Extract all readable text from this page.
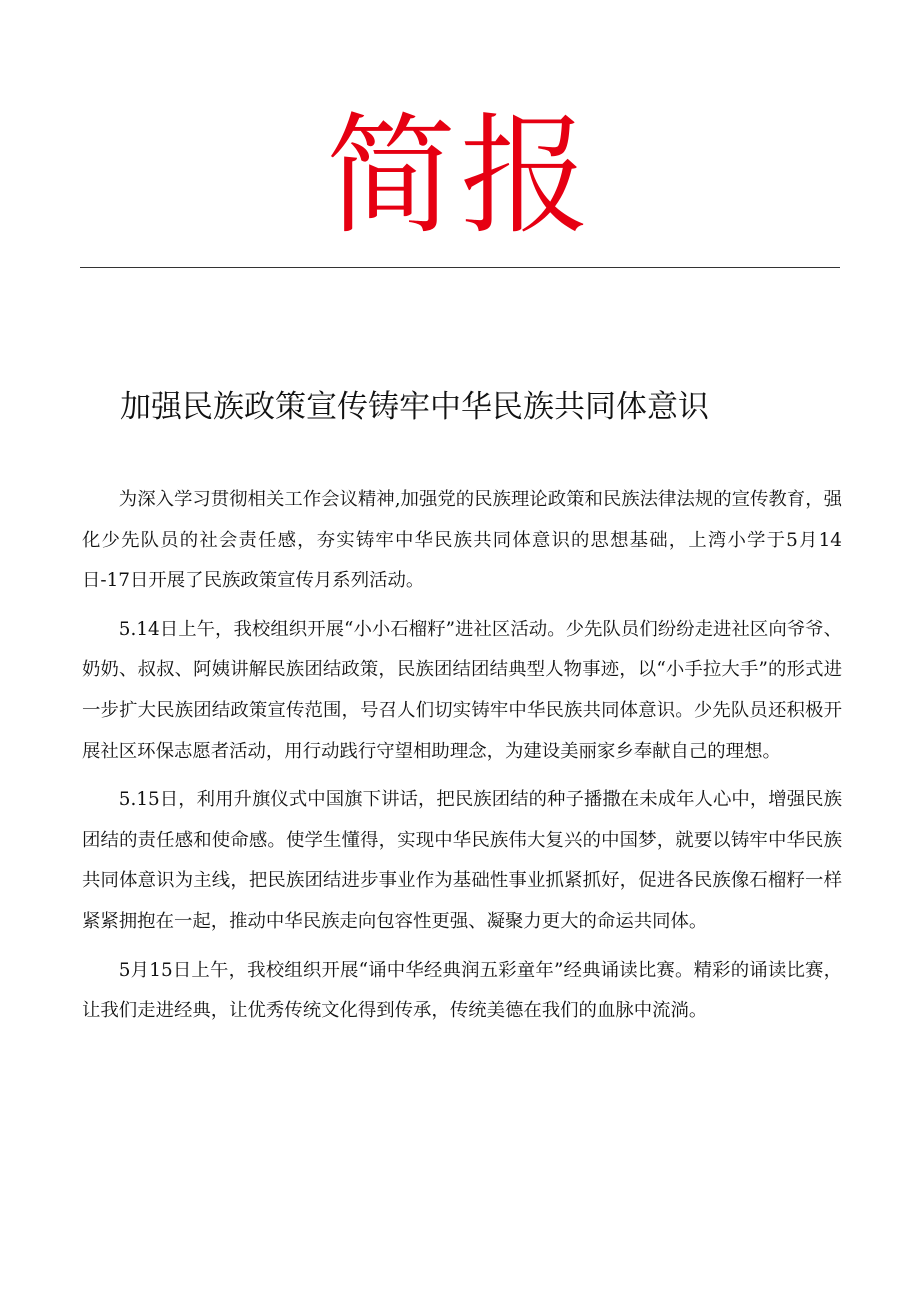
简报
加强民族政策宣传铸牢中华民族共同体意识

为深入学习贯彻相关工作会议精神,加强党的民族理论政策和民族法律法规的宣传教育，强化少先队员的社会责任感，夯实铸牢中华民族共同体意识的思想基础，上湾小学于5月14日-17日开展了民族政策宣传月系列活动。

5.14日上午，我校组织开展“小小石榴籽”进社区活动。少先队员们纷纷走进社区向爷爷、奶奶、叔叔、阿姨讲解民族团结政策，民族团结团结典型人物事迹，以“小手拉大手”的形式进一步扩大民族团结政策宣传范围，号召人们切实铸牢中华民族共同体意识。少先队员还积极开展社区环保志愿者活动，用行动践行守望相助理念，为建设美丽家乡奉献自己的理想。

5.15日，利用升旗仪式中国旗下讲话，把民族团结的种子播撒在未成年人心中，增强民族团结的责任感和使命感。使学生懂得，实现中华民族伟大复兴的中国梦，就要以铸牢中华民族共同体意识为主线，把民族团结进步事业作为基础性事业抓紧抓好，促进各民族像石榴籽一样紧紧拥抱在一起，推动中华民族走向包容性更强、凝聚力更大的命运共同体。

5月15日上午，我校组织开展“诵中华经典润五彩童年”经典诵读比赛。精彩的诵读比赛，让我们走进经典，让优秀传统文化得到传承，传统美德在我们的血脉中流淌。
